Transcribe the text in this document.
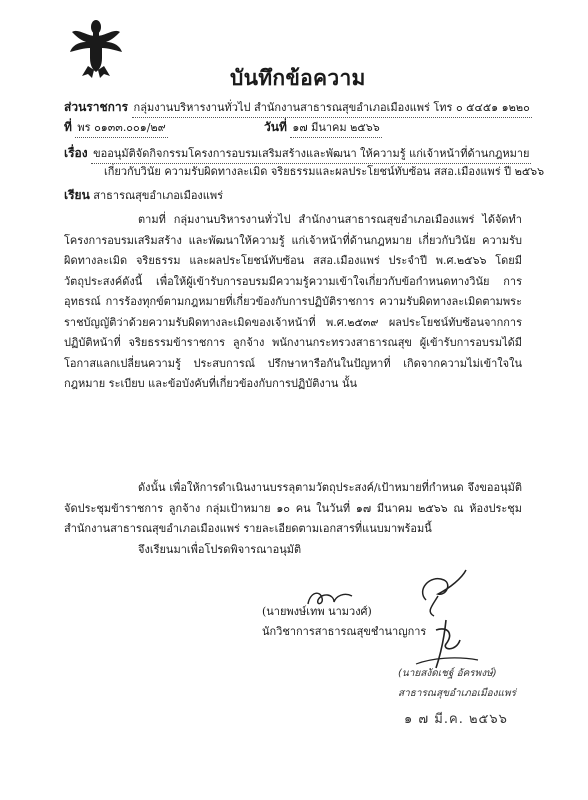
บันทึกข้อความ
ส่วนราชการ กลุ่มงานบริหารงานทั่วไป สำนักงานสาธารณสุขอำเภอเมืองแพร่ โทร ๐ ๕๔๕๑ ๑๒๒๐
ที่ พร ๐๑๓๓.๐๐๑/๒๙	วันที่ ๑๗ มีนาคม ๒๕๖๖
เรื่อง ขออนุมัติจัดกิจกรรมโครงการอบรมเสริมสร้างและพัฒนา ให้ความรู้ แก่เจ้าหน้าที่ด้านกฎหมาย
เกี่ยวกับวินัย ความรับผิดทางละเมิด จริยธรรมและผลประโยชน์ทับซ้อน สสอ.เมืองแพร่ ปี ๒๕๖๖
เรียน สาธารณสุขอำเภอเมืองแพร่
ตามที่ กลุ่มงานบริหารงานทั่วไป สำนักงานสาธารณสุขอำเภอเมืองแพร่ ได้จัดทำโครงการอบรมเสริมสร้าง และพัฒนาให้ความรู้ แก่เจ้าหน้าที่ด้านกฎหมาย เกี่ยวกับวินัย ความรับผิดทางละเมิด จริยธรรม และผลประโยชน์ทับซ้อน สสอ.เมืองแพร่ ประจำปี พ.ศ.๒๕๖๖ โดยมีวัตถุประสงค์ดังนี้ เพื่อให้ผู้เข้ารับการอบรมมีความรู้ความเข้าใจเกี่ยวกับข้อกำหนดทางวินัย การอุทธรณ์ การร้องทุกข์ตามกฎหมายที่เกี่ยวข้องกับการปฏิบัติราชการ ความรับผิดทางละเมิดตามพระราชบัญญัติว่าด้วยความรับผิดทางละเมิดของเจ้าหน้าที่ พ.ศ.๒๕๓๙ ผลประโยชน์ทับซ้อนจากการปฏิบัติหน้าที่ จริยธรรมข้าราชการ ลูกจ้าง พนักงานกระทรวงสาธารณสุข ผู้เข้ารับการอบรมได้มีโอกาสแลกเปลี่ยนความรู้ ประสบการณ์ ปรึกษาหารือกันในปัญหาที่ เกิดจากความไม่เข้าใจในกฎหมาย ระเบียบ และข้อบังคับที่เกี่ยวข้องกับการปฏิบัติงาน นั้น
ดังนั้น เพื่อให้การดำเนินงานบรรลุตามวัตถุประสงค์/เป้าหมายที่กำหนด จึงขออนุมัติจัดประชุมข้าราชการ ลูกจ้าง กลุ่มเป้าหมาย ๑๐ คน ในวันที่ ๑๗ มีนาคม ๒๕๖๖ ณ ห้องประชุมสำนักงานสาธารณสุขอำเภอเมืองแพร่ รายละเอียดตามเอกสารที่แนบมาพร้อมนี้
จึงเรียนมาเพื่อโปรดพิจารณาอนุมัติ
(นายพงษ์เทพ นามวงศ์)
นักวิชาการสาธารณสุขชำนาญการ
(นายสงัดเชฐ์ อัครพงษ์)
สาธารณสุขอำเภอเมืองแพร่
๑ ๗ มี.ค. ๒๕๖๖
